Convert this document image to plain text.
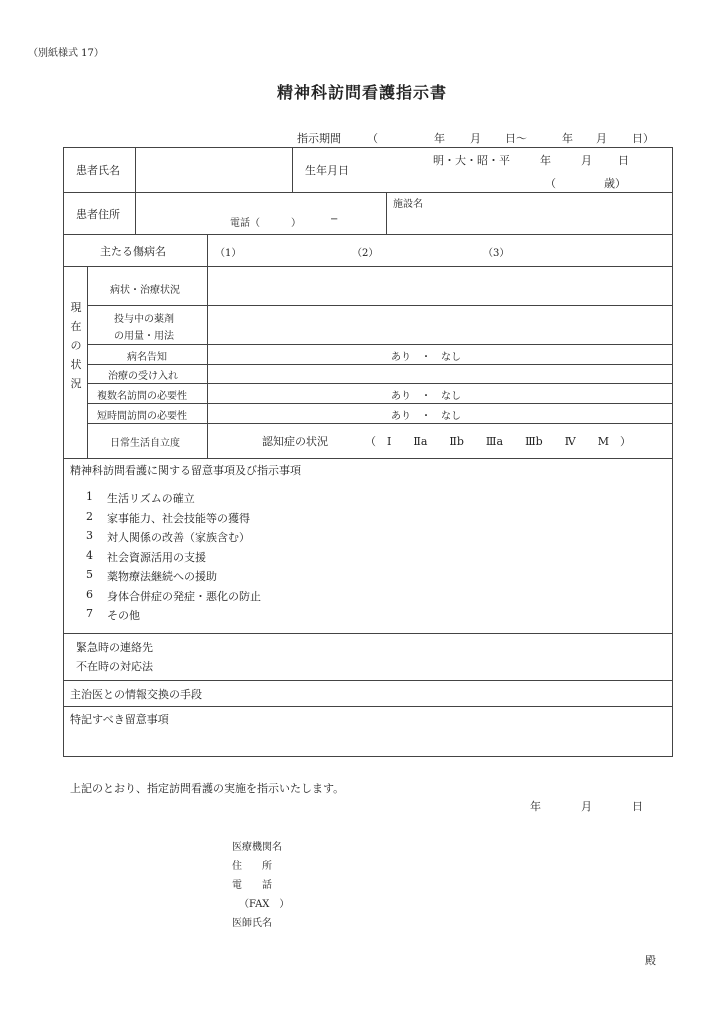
（別紙様式 17）
精神科訪問看護指示書
指示期間 （	年 月 日〜	年 月 日）
患者氏名	生年月日
明・大・昭・平	年	月 日
（	歳）
患者住所
電話（	）	−
施設名
主たる傷病名	（1）	（2）	（3）
現
在
の
状
況
病状・治療状況
投与中の薬剤
の用量・用法
病名告知	あり　・　なし
治療の受け入れ
複数名訪問の必要性	あり　・　なし
短時間訪問の必要性	あり　・　なし
日常生活自立度	認知症の状況	（　Ⅰ　　Ⅱa　　Ⅱb　　Ⅲa　　Ⅲb　　Ⅳ　　M　）
精神科訪問看護に関する留意事項及び指示事項
1	生活リズムの確立
2	家事能力、社会技能等の獲得
3	対人関係の改善（家族含む）
4	社会資源活用の支援
5	薬物療法継続への援助
6	身体合併症の発症・悪化の防止
7	その他
緊急時の連絡先
不在時の対応法
主治医との情報交換の手段
特記すべき留意事項
上記のとおり、指定訪問看護の実施を指示いたします。
年	月	日
医療機関名
住　　所
電　　話
（FAX　）
医師氏名
殿
